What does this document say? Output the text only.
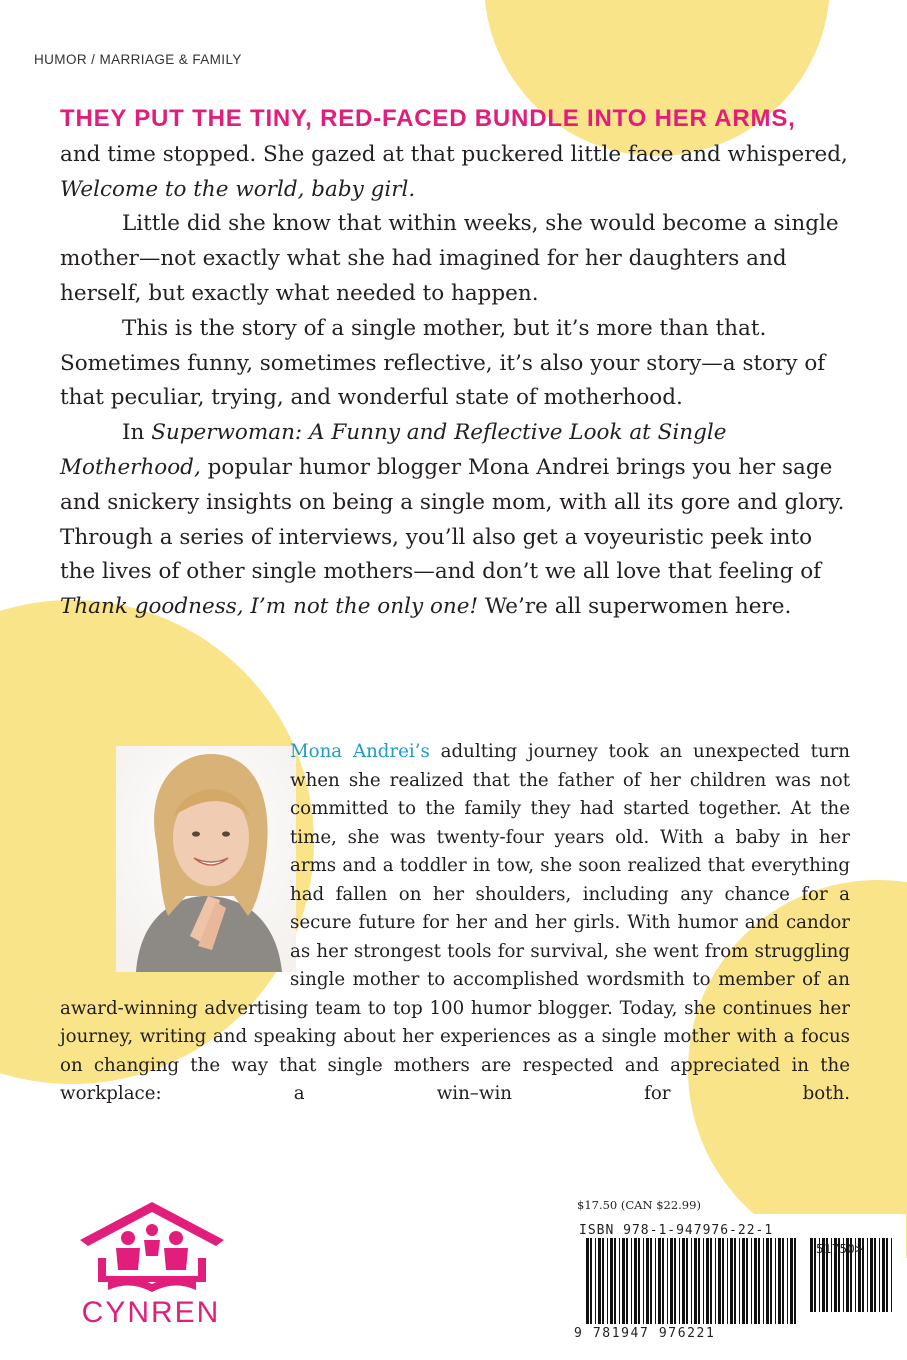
HUMOR / MARRIAGE & FAMILY

THEY PUT THE TINY, RED-FACED BUNDLE INTO HER ARMS,
and time stopped. She gazed at that puckered little face and whispered, Welcome to the world, baby girl.

Little did she know that within weeks, she would become a single mother—not exactly what she had imagined for her daughters and herself, but exactly what needed to happen.

This is the story of a single mother, but it’s more than that. Sometimes funny, sometimes reflective, it’s also your story—a story of that peculiar, trying, and wonderful state of motherhood.

In Superwoman: A Funny and Reflective Look at Single Motherhood, popular humor blogger Mona Andrei brings you her sage and snickery insights on being a single mom, with all its gore and glory. Through a series of interviews, you’ll also get a voyeuristic peek into the lives of other single mothers—and don’t we all love that feeling of Thank goodness, I’m not the only one! We’re all superwomen here.

Mona Andrei’s adulting journey took an unexpected turn when she realized that the father of her children was not committed to the family they had started together. At the time, she was twenty-four years old. With a baby in her arms and a toddler in tow, she soon realized that everything had fallen on her shoulders, including any chance for a secure future for her and her girls. With humor and candor as her strongest tools for survival, she went from struggling single mother to accomplished wordsmith to member of an award-winning advertising team to top 100 humor blogger. Today, she continues her journey, writing and speaking about her experiences as a single mother with a focus on changing the way that single mothers are respected and appreciated in the workplace: a win–win for both.

CYNREN
$17.50 (CAN $22.99)
ISBN 978-1-947976-22-1
9 781947 976221
51750>
